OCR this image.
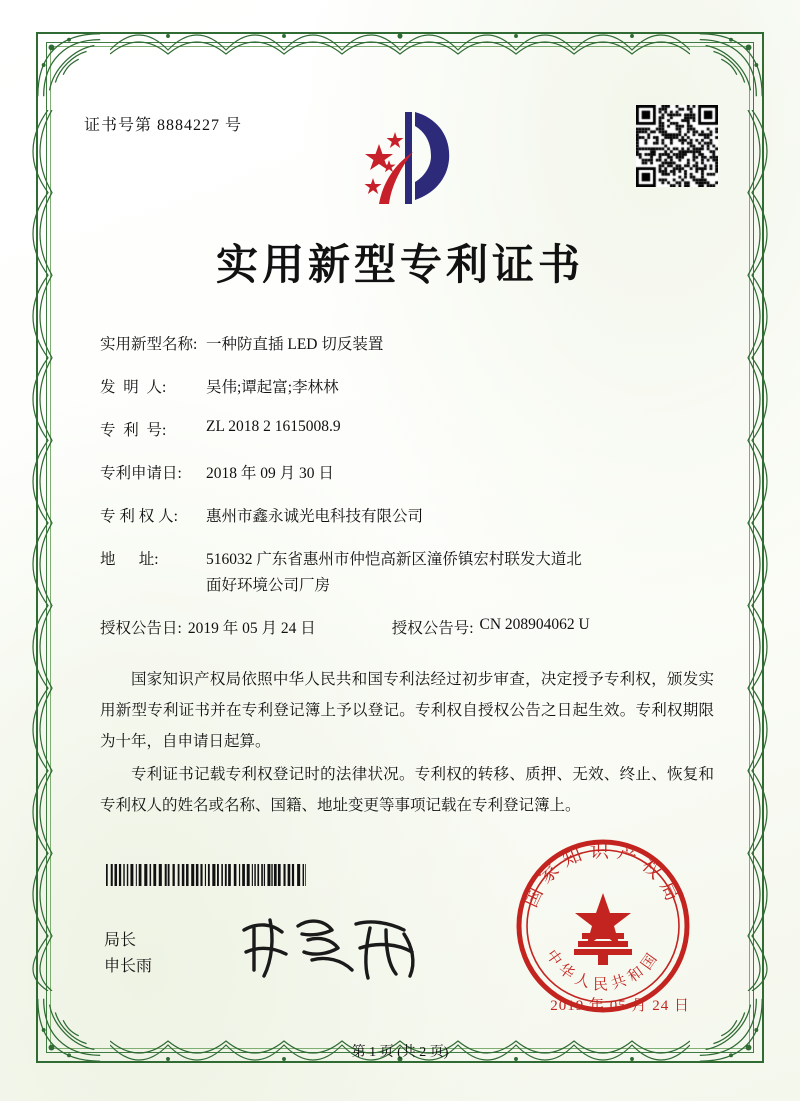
证书号第 8884227 号
实用新型专利证书
实用新型名称: 一种防直插 LED 切反装置
发  明  人:	吴伟;谭起富;李林林
专  利  号:	ZL 2018 2 1615008.9
专利申请日:	2018 年 09 月 30 日
专 利 权 人:	惠州市鑫永诚光电科技有限公司
地      址:	516032 广东省惠州市仲恺高新区潼侨镇宏村联发大道北
面好环境公司厂房
授权公告日: 2019 年 05 月 24 日	授权公告号: CN 208904062 U

国家知识产权局依照中华人民共和国专利法经过初步审查，决定授予专利权，颁发实用新型专利证书并在专利登记簿上予以登记。专利权自授权公告之日起生效。专利权期限为十年，自申请日起算。

专利证书记载专利权登记时的法律状况。专利权的转移、质押、无效、终止、恢复和专利权人的姓名或名称、国籍、地址变更等事项记载在专利登记簿上。

局长
申长雨
国家知识产权局
中华人民共和国
2019 年 05 月 24 日
第 1 页 (共 2 页)
